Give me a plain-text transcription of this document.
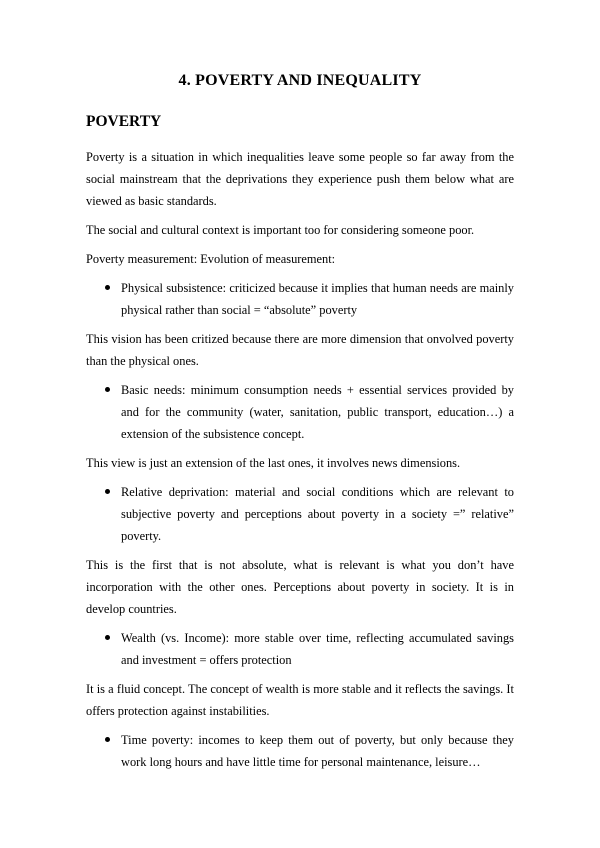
4. POVERTY AND INEQUALITY
POVERTY

Poverty is a situation in which inequalities leave some people so far away from the social mainstream that the deprivations they experience push them below what are viewed as basic standards.

The social and cultural context is important too for considering someone poor.

Poverty measurement: Evolution of measurement:

Physical subsistence: criticized because it implies that human needs are mainly physical rather than social = “absolute” poverty

This vision has been critized because there are more dimension that onvolved poverty than the physical ones.

Basic needs: minimum consumption needs + essential services provided by and for the community (water, sanitation, public transport, education…) a extension of the subsistence concept.

This view is just an extension of the last ones, it involves news dimensions.

Relative deprivation: material and social conditions which are relevant to subjective poverty and perceptions about poverty in a society =” relative” poverty.

This is the first that is not absolute, what is relevant is what you don’t have incorporation with the other ones. Perceptions about poverty in society. It is in develop countries.

Wealth (vs. Income): more stable over time, reflecting accumulated savings and investment = offers protection

It is a fluid concept. The concept of wealth is more stable and it reflects the savings. It offers protection against instabilities.

Time poverty: incomes to keep them out of poverty, but only because they work long hours and have little time for personal maintenance, leisure…
